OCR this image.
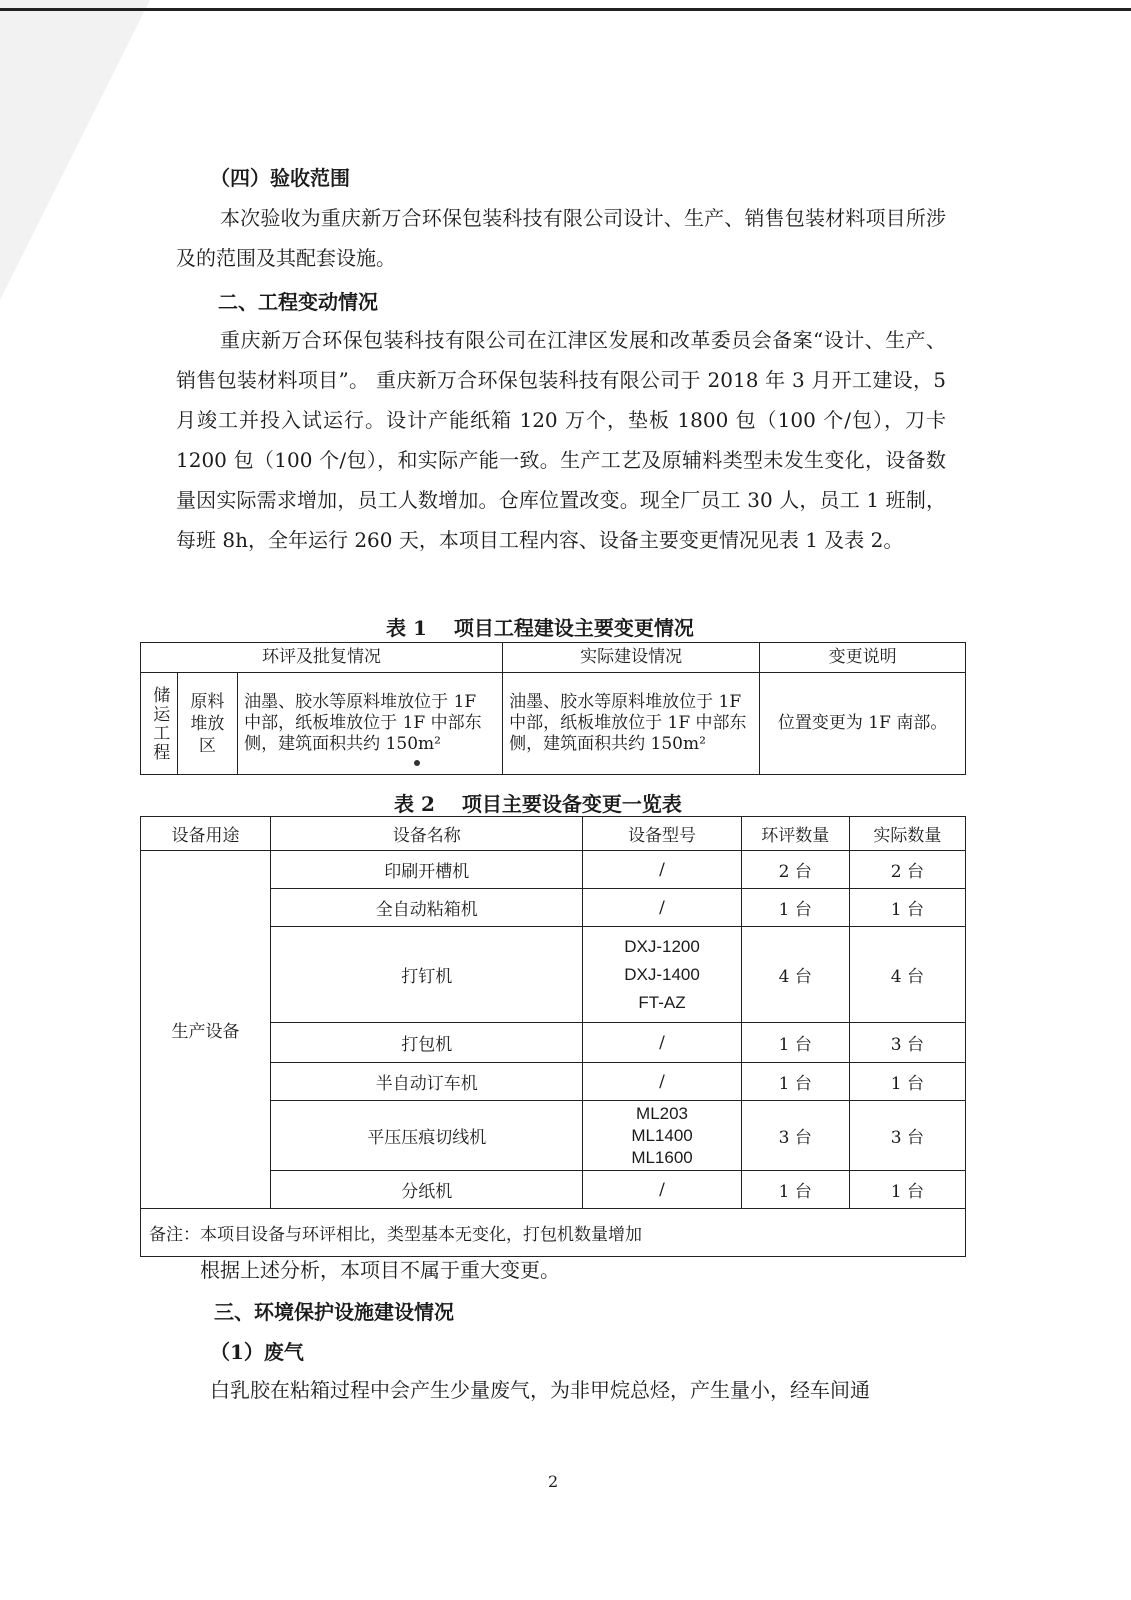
（四）验收范围
本次验收为重庆新万合环保包装科技有限公司设计、生产、销售包装材料项目所涉及的范围及其配套设施。
二、工程变动情况
重庆新万合环保包装科技有限公司在江津区发展和改革委员会备案“设计、生产、销售包装材料项目”。 重庆新万合环保包装科技有限公司于 2018 年 3 月开工建设，5 月竣工并投入试运行。设计产能纸箱 120 万个，垫板 1800 包（100 个/包），刀卡 1200 包（100 个/包），和实际产能一致。生产工艺及原辅料类型未发生变化，设备数量因实际需求增加，员工人数增加。仓库位置改变。现全厂员工 30 人，员工 1 班制，每班 8h，全年运行 260 天，本项目工程内容、设备主要变更情况见表 1 及表 2。
表 1　 项目工程建设主要变更情况
环评及批复情况			实际建设情况	变更说明

储运工程	原料堆放区	油墨、胶水等原料堆放位于 1F 中部，纸板堆放位于 1F 中部东侧，建筑面积共约 150m²	油墨、胶水等原料堆放位于 1F 中部，纸板堆放位于 1F 中部东侧，建筑面积共约 150m²	位置变更为 1F 南部。
表 2　 项目主要设备变更一览表
设备用途	设备名称	设备型号	环评数量	实际数量
生产设备	印刷开槽机	/	2 台	2 台
	全自动粘箱机	/	1 台	1 台
	打钉机	DXJ-1200
DXJ-1400
FT-AZ	4 台	4 台
	打包机	/	1 台	3 台
	半自动订车机	/	1 台	1 台
	平压压痕切线机	ML203
ML1400
ML1600	3 台	3 台
	分纸机	/	1 台	1 台
备注：本项目设备与环评相比，类型基本无变化，打包机数量增加				
根据上述分析，本项目不属于重大变更。
三、环境保护设施建设情况
（1）废气
白乳胶在粘箱过程中会产生少量废气，为非甲烷总烃，产生量小，经车间通
2
